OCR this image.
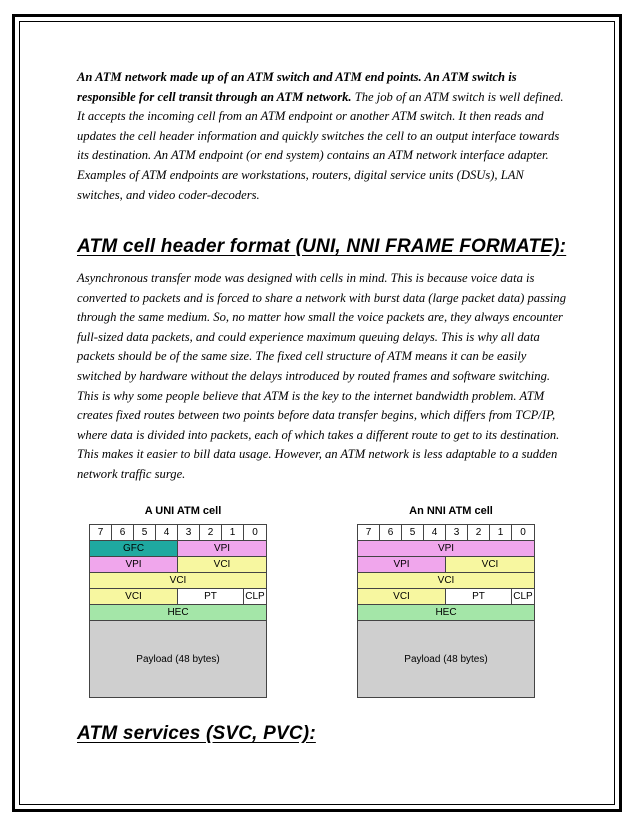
An ATM network made up of an ATM switch and ATM end points. An ATM switch is responsible for cell transit through an ATM network. The job of an ATM switch is well defined. It accepts the incoming cell from an ATM endpoint or another ATM switch. It then reads and updates the cell header information and quickly switches the cell to an output interface towards its destination. An ATM endpoint (or end system) contains an ATM network interface adapter. Examples of ATM endpoints are workstations, routers, digital service units (DSUs), LAN switches, and video coder-decoders.
ATM cell header format (UNI, NNI FRAME FORMATE):
Asynchronous transfer mode was designed with cells in mind. This is because voice data is converted to packets and is forced to share a network with burst data (large packet data) passing through the same medium. So, no matter how small the voice packets are, they always encounter full-sized data packets, and could experience maximum queuing delays. This is why all data packets should be of the same size. The fixed cell structure of ATM means it can be easily switched by hardware without the delays introduced by routed frames and software switching. This is why some people believe that ATM is the key to the internet bandwidth problem. ATM creates fixed routes between two points before data transfer begins, which differs from TCP/IP, where data is divided into packets, each of which takes a different route to get to its destination. This makes it easier to bill data usage. However, an ATM network is less adaptable to a sudden network traffic surge.
A UNI ATM cell
7	6	5	4	3	2	1	0
GFC	VPI
VPI	VCI
VCI
VCI	PT	CLP
HEC
Payload (48 bytes)
An NNI ATM cell
7	6	5	4	3	2	1	0
VPI
VPI	VCI
VCI
VCI	PT	CLP
HEC
Payload (48 bytes)
ATM services (SVC, PVC):
